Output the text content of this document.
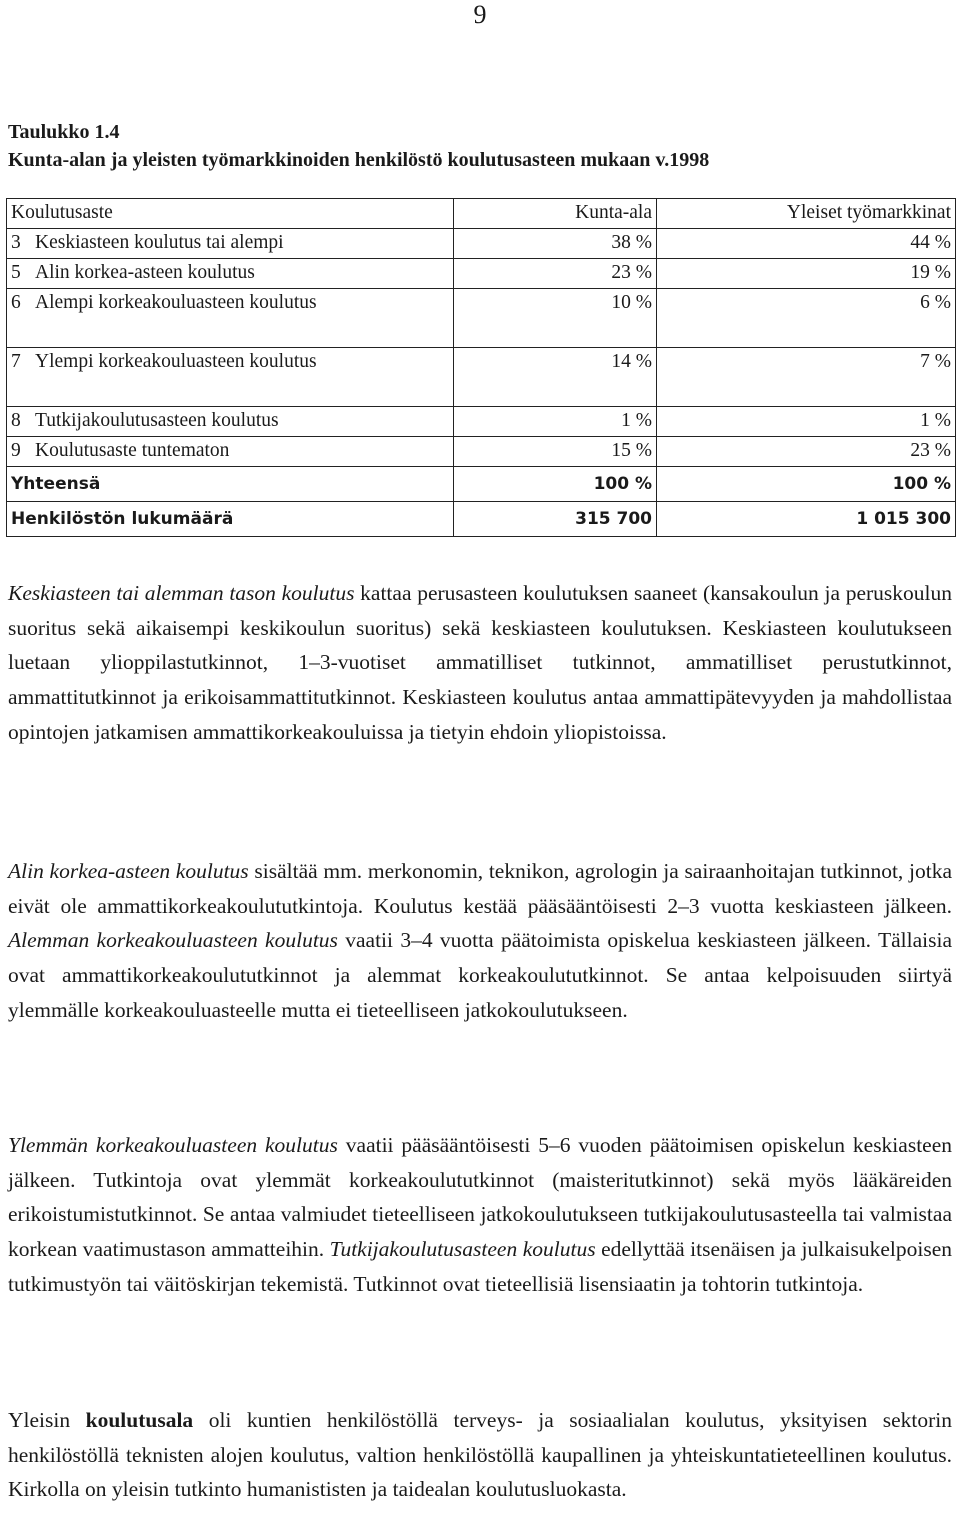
9
Taulukko 1.4
Kunta-alan ja yleisten työmarkkinoiden henkilöstö koulutusasteen mukaan v.1998
Koulutusaste	Kunta-ala	Yleiset työmarkkinat
3 Keskiasteen koulutus tai alempi	38 %	44 %
5 Alin korkea-asteen koulutus	23 %	19 %
6 Alempi korkeakouluasteen koulutus	10 %	6 %
7 Ylempi korkeakouluasteen koulutus	14 %	7 %
8 Tutkijakoulutusasteen koulutus	1 %	1 %
9 Koulutusaste tuntematon	15 %	23 %
Yhteensä	100 %	100 %
Henkilöstön lukumäärä	315 700	1 015 300
Keskiasteen tai alemman tason koulutus kattaa perusasteen koulutuksen saaneet (kansakoulun ja peruskoulun suoritus sekä aikaisempi keskikoulun suoritus) sekä keskiasteen koulutuksen. Keskiasteen koulutukseen luetaan ylioppilastutkinnot, 1–3-vuotiset ammatilliset tutkinnot, ammatilliset perustutkinnot, ammattitutkinnot ja erikoisammattitutkinnot. Keskiasteen koulutus antaa ammattipätevyyden ja mahdollistaa opintojen jatkamisen ammattikorkeakouluissa ja tietyin ehdoin yliopistoissa.
Alin korkea-asteen koulutus sisältää mm. merkonomin, teknikon, agrologin ja sairaanhoitajan tutkinnot, jotka eivät ole ammattikorkeakoulututkintoja. Koulutus kestää pääsääntöisesti 2–3 vuotta keskiasteen jälkeen. Alemman korkeakouluasteen koulutus vaatii 3–4 vuotta päätoimista opiskelua keskiasteen jälkeen. Tällaisia ovat ammattikorkeakoulututkinnot ja alemmat korkeakoulututkinnot. Se antaa kelpoisuuden siirtyä ylemmälle korkeakouluasteelle mutta ei tieteelliseen jatkokoulutukseen.
Ylemmän korkeakouluasteen koulutus vaatii pääsääntöisesti 5–6 vuoden päätoimisen opiskelun keskiasteen jälkeen. Tutkintoja ovat ylemmät korkeakoulututkinnot (maisteritutkinnot) sekä myös lääkäreiden erikoistumistutkinnot. Se antaa valmiudet tieteelliseen jatkokoulutukseen tutkijakoulutusasteella tai valmistaa korkean vaatimustason ammatteihin. Tutkijakoulutusasteen koulutus edellyttää itsenäisen ja julkaisukelpoisen tutkimustyön tai väitöskirjan tekemistä. Tutkinnot ovat tieteellisiä lisensiaatin ja tohtorin tutkintoja.
Yleisin koulutusala oli kuntien henkilöstöllä terveys- ja sosiaalialan koulutus, yksityisen sektorin henkilöstöllä teknisten alojen koulutus, valtion henkilöstöllä kaupallinen ja yhteiskuntatieteellinen koulutus. Kirkolla on yleisin tutkinto humanististen ja taidealan koulutusluokasta.
